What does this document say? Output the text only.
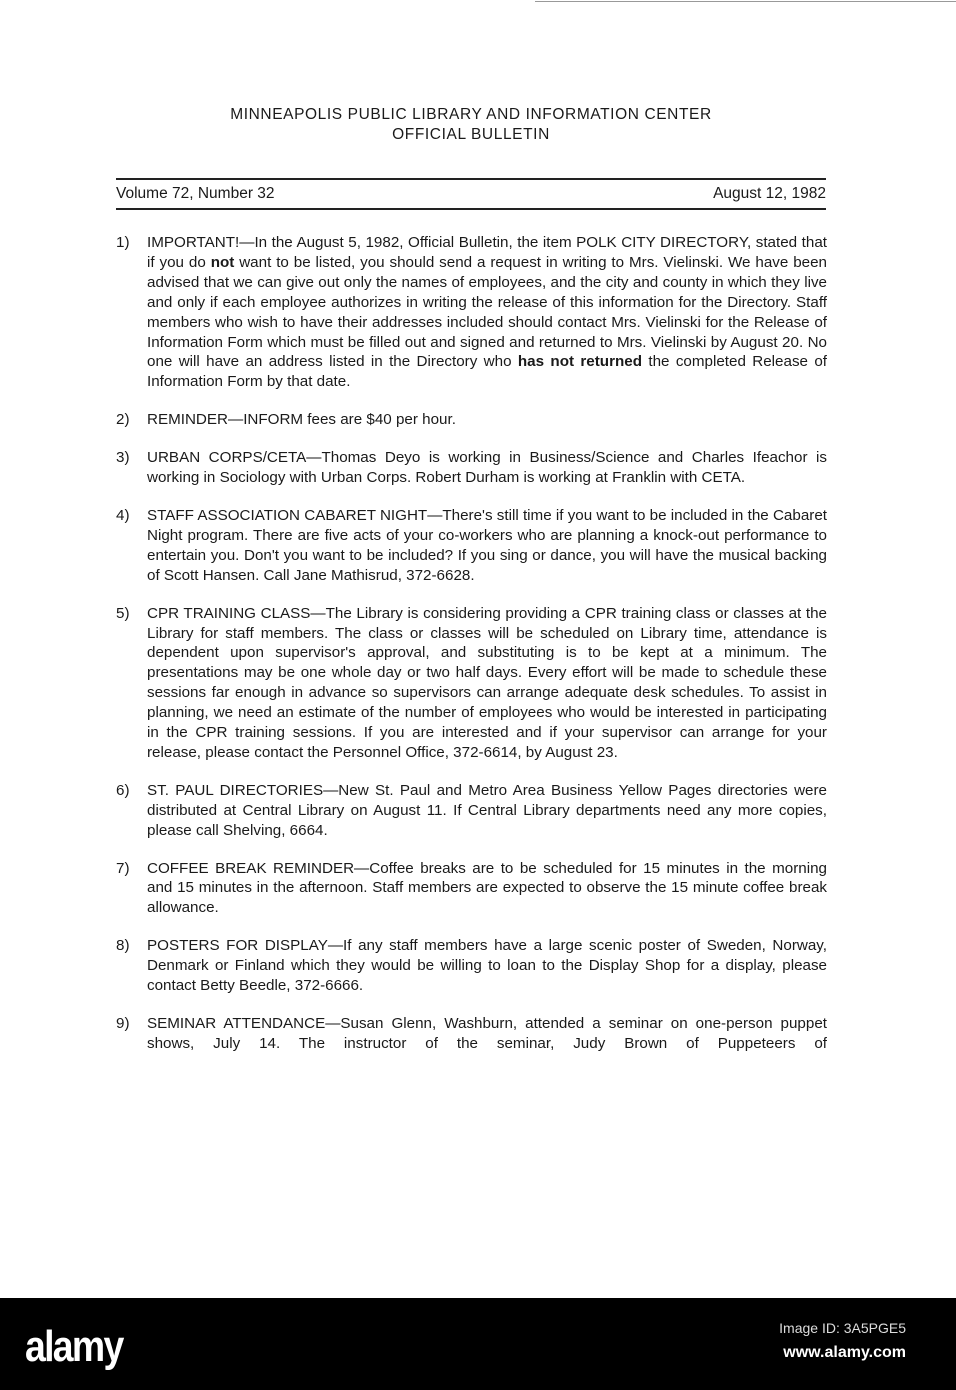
MINNEAPOLIS PUBLIC LIBRARY AND INFORMATION CENTER
OFFICIAL BULLETIN
Volume 72, Number 32	August 12, 1982
1)	IMPORTANT!—In the August 5, 1982, Official Bulletin, the item POLK CITY DIRECTORY, stated that if you do not want to be listed, you should send a request in writing to Mrs. Vielinski. We have been advised that we can give out only the names of employees, and the city and county in which they live and only if each employee authorizes in writing the release of this information for the Directory. Staff members who wish to have their addresses included should contact Mrs. Vielinski for the Release of Information Form which must be filled out and signed and returned to Mrs. Vielinski by August 20. No one will have an address listed in the Directory who has not returned the completed Release of Information Form by that date.
2)	REMINDER—INFORM fees are $40 per hour.
3)	URBAN CORPS/CETA—Thomas Deyo is working in Business/Science and Charles Ifeachor is working in Sociology with Urban Corps. Robert Durham is working at Franklin with CETA.
4)	STAFF ASSOCIATION CABARET NIGHT—There's still time if you want to be included in the Cabaret Night program. There are five acts of your co-workers who are planning a knock-out performance to entertain you. Don't you want to be included? If you sing or dance, you will have the musical backing of Scott Hansen. Call Jane Mathisrud, 372-6628.
5)	CPR TRAINING CLASS—The Library is considering providing a CPR training class or classes at the Library for staff members. The class or classes will be scheduled on Library time, attendance is dependent upon supervisor's approval, and substituting is to be kept at a minimum. The presentations may be one whole day or two half days. Every effort will be made to schedule these sessions far enough in advance so supervisors can arrange adequate desk schedules. To assist in planning, we need an estimate of the number of employees who would be interested in participating in the CPR training sessions. If you are interested and if your supervisor can arrange for your release, please contact the Personnel Office, 372-6614, by August 23.
6)	ST. PAUL DIRECTORIES—New St. Paul and Metro Area Business Yellow Pages directories were distributed at Central Library on August 11. If Central Library departments need any more copies, please call Shelving, 6664.
7)	COFFEE BREAK REMINDER—Coffee breaks are to be scheduled for 15 minutes in the morning and 15 minutes in the afternoon. Staff members are expected to observe the 15 minute coffee break allowance.
8)	POSTERS FOR DISPLAY—If any staff members have a large scenic poster of Sweden, Norway, Denmark or Finland which they would be willing to loan to the Display Shop for a display, please contact Betty Beedle, 372-6666.
9)	SEMINAR ATTENDANCE—Susan Glenn, Washburn, attended a seminar on one-person puppet shows, July 14. The instructor of the seminar, Judy Brown of Puppeteers of
alamy	Image ID: 3A5PGE5
www.alamy.com
